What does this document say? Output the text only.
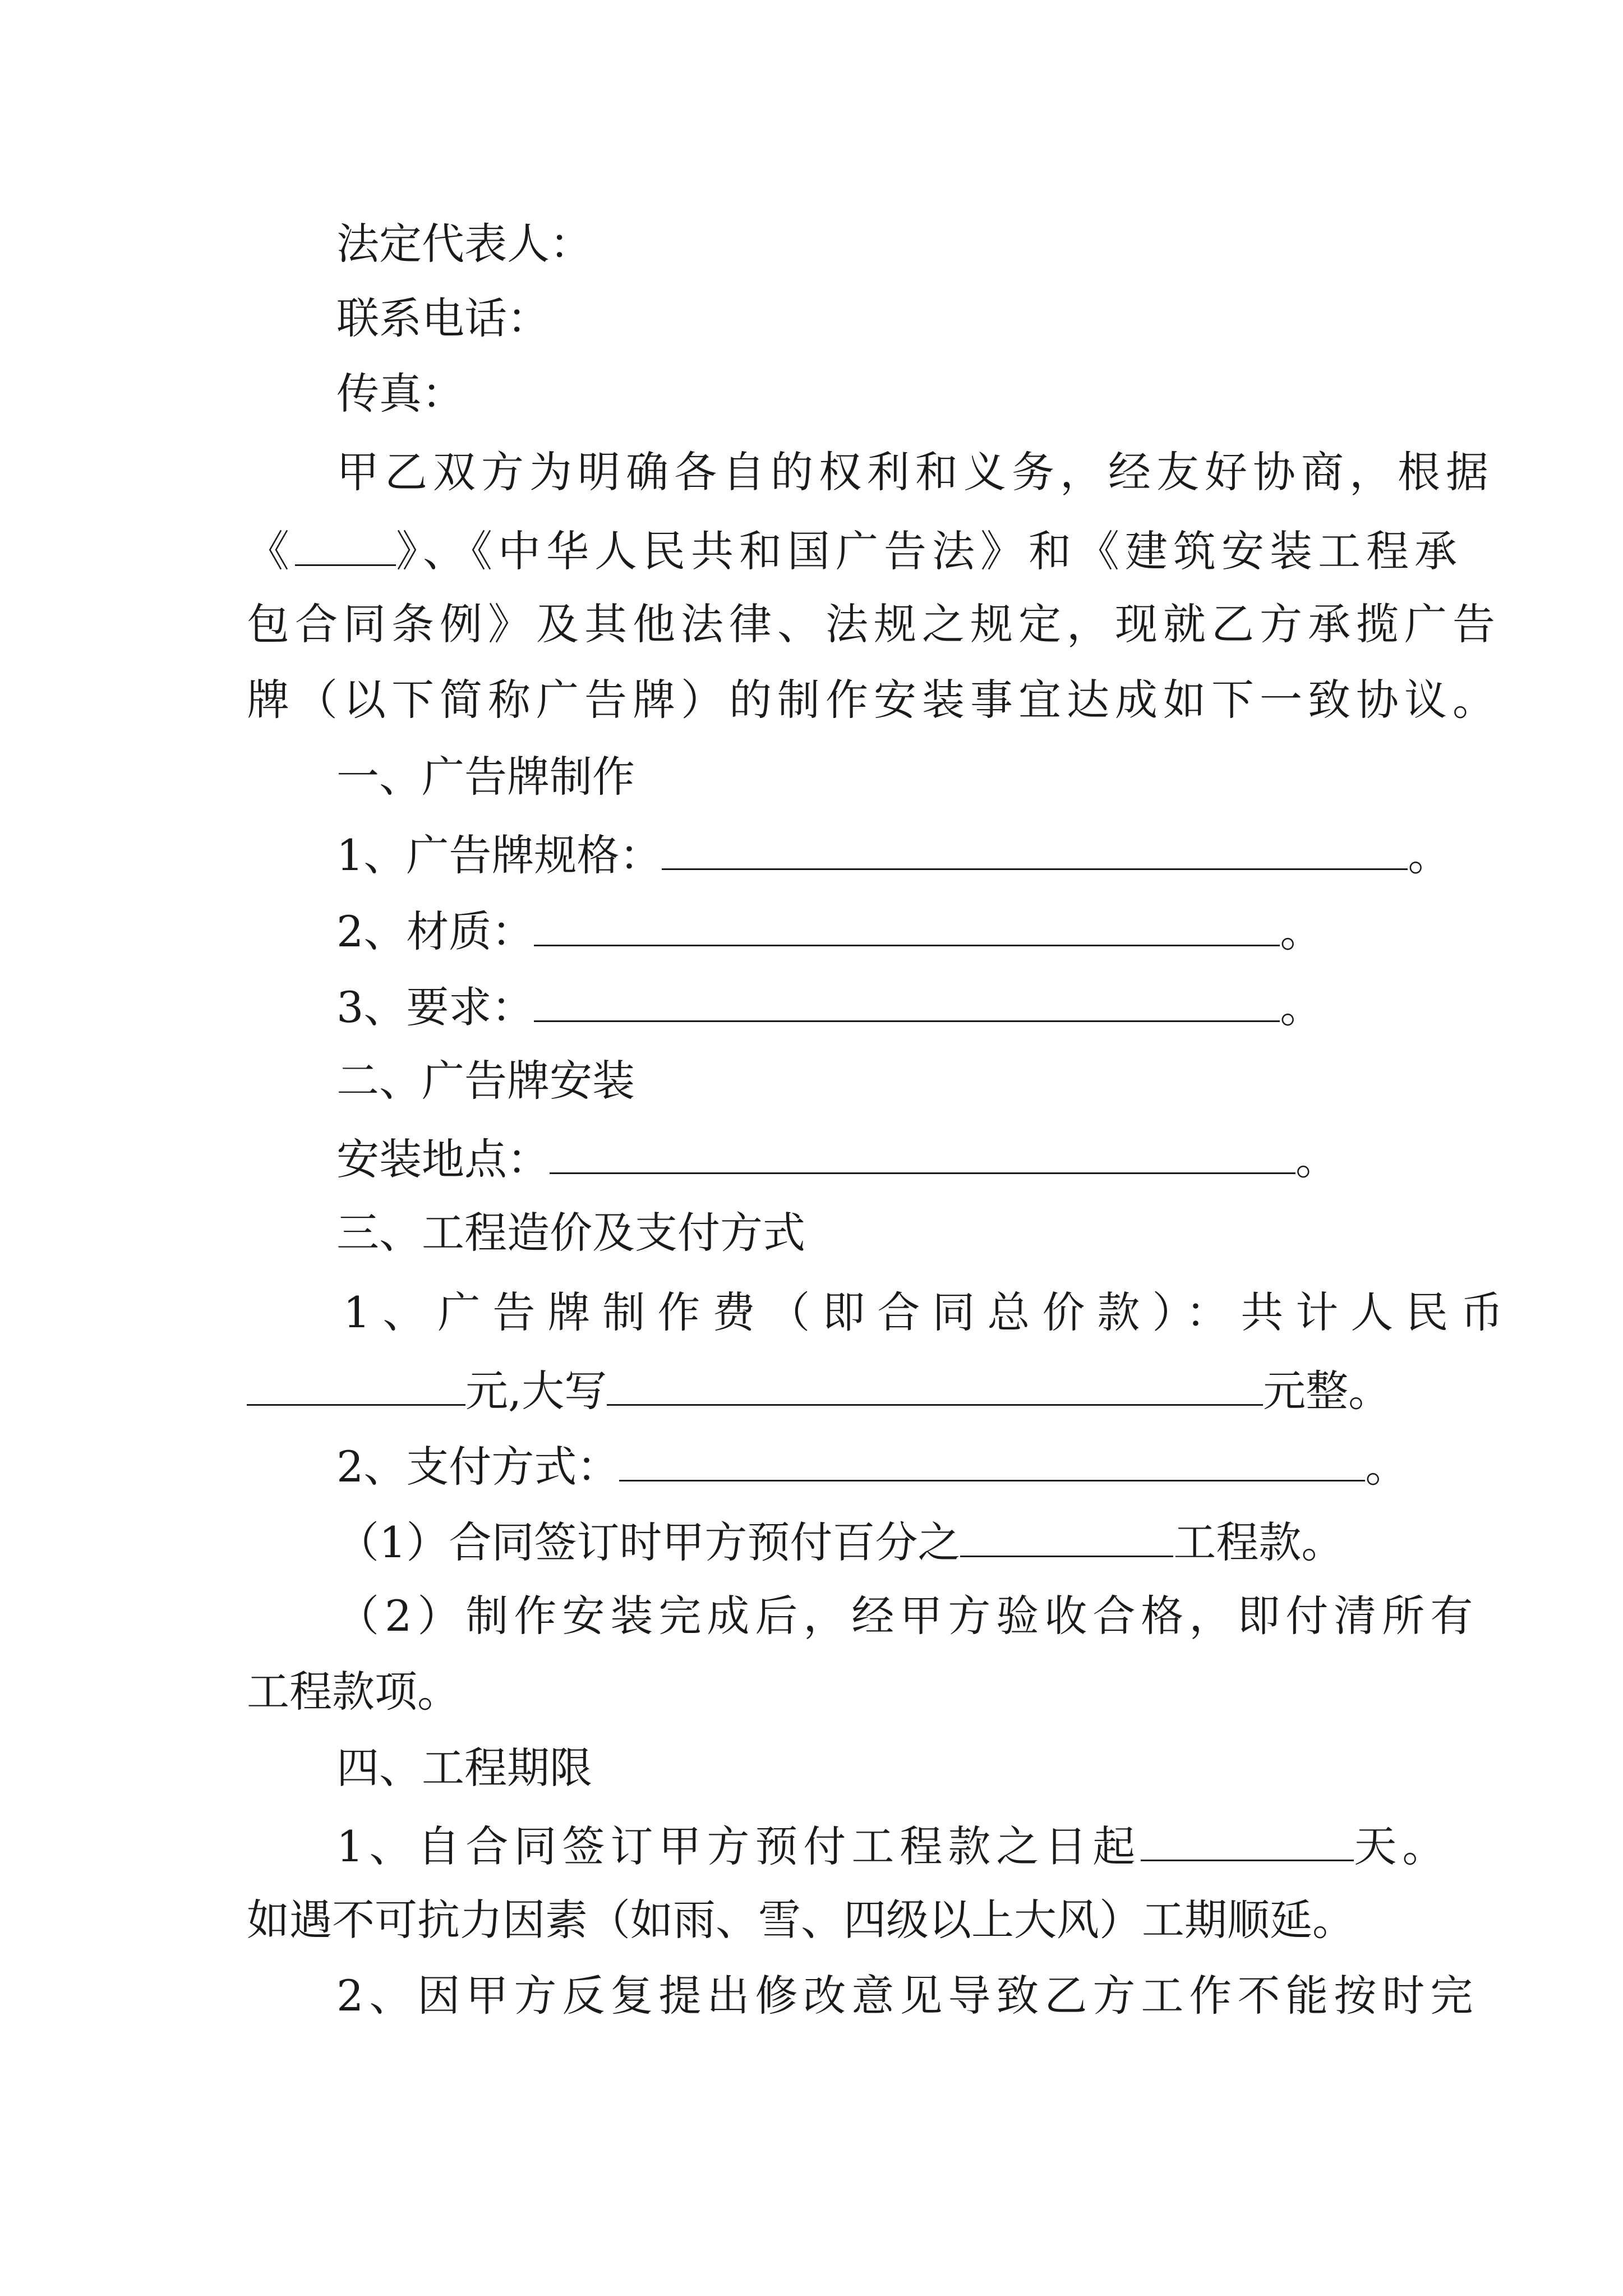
法定代表人：
联系电话：
传真：
甲乙双方为明确各自的权利和义务，经友好协商，根据
《 》、《中华人民共和国广告法》和《建筑安装工程承
包合同条例》及其他法律、法规之规定，现就乙方承揽广告
牌（以下简称广告牌）的制作安装事宜达成如下一致协议。
一、广告牌制作
1、广告牌规格：	。
2、材质：	。
3、要求：	。
二、广告牌安装
安装地点：	。
三、工程造价及支付方式
1、广告牌制作费（即合同总价款）：共计人民币
元,大写	元整。
2、支付方式：	。
（1）合同签订时甲方预付百分之	工程款。
（2）制作安装完成后，经甲方验收合格，即付清所有
工程款项。
四、工程期限
1、自合同签订甲方预付工程款之日起	天。
如遇不可抗力因素（如雨、雪、四级以上大风）工期顺延。
2、因甲方反复提出修改意见导致乙方工作不能按时完
